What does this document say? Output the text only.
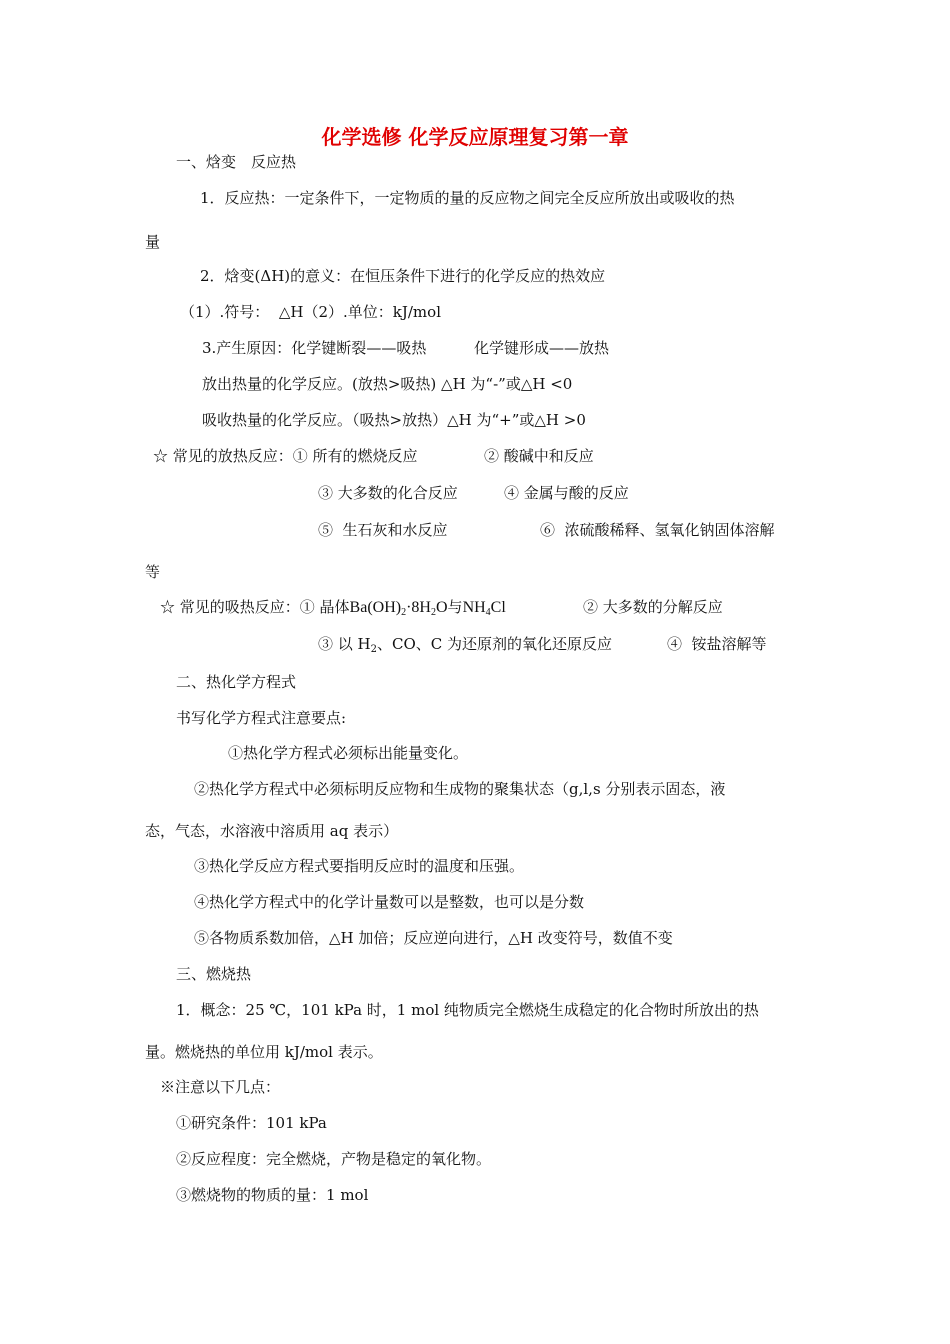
化学选修 化学反应原理复习第一章
一、焓变　反应热
1．反应热：一定条件下，一定物质的量的反应物之间完全反应所放出或吸收的热
量
2．焓变(ΔH)的意义：在恒压条件下进行的化学反应的热效应
（1）.符号：  △H（2）.单位：kJ/mol
3.产生原因：化学键断裂——吸热          化学键形成——放热
放出热量的化学反应。(放热>吸热) △H 为“-”或△H <0
吸收热量的化学反应。（吸热>放热）△H 为“+”或△H >0
☆ 常见的放热反应：① 所有的燃烧反应	② 酸碱中和反应
③ 大多数的化合反应	④ 金属与酸的反应
⑤  生石灰和水反应	⑥  浓硫酸稀释、氢氧化钠固体溶解
等
☆ 常见的吸热反应：① 晶体$Ba(OH)_2\cdot 8H_2O$与$NH_4Cl$	② 大多数的分解反应
③ 以 $H_2$、CO、C 为还原剂的氧化还原反应	④  铵盐溶解等
二、热化学方程式
书写化学方程式注意要点:
①热化学方程式必须标出能量变化。
②热化学方程式中必须标明反应物和生成物的聚集状态（g,l,s 分别表示固态，液
态，气态，水溶液中溶质用 aq 表示）
③热化学反应方程式要指明反应时的温度和压强。
④热化学方程式中的化学计量数可以是整数，也可以是分数
⑤各物质系数加倍，△H 加倍；反应逆向进行，△H 改变符号，数值不变
三、燃烧热
1．概念：25 ℃，101 kPa 时，1 mol 纯物质完全燃烧生成稳定的化合物时所放出的热
量。燃烧热的单位用 kJ/mol 表示。
※注意以下几点：
①研究条件：101 kPa
②反应程度：完全燃烧，产物是稳定的氧化物。
③燃烧物的物质的量：1 mol
